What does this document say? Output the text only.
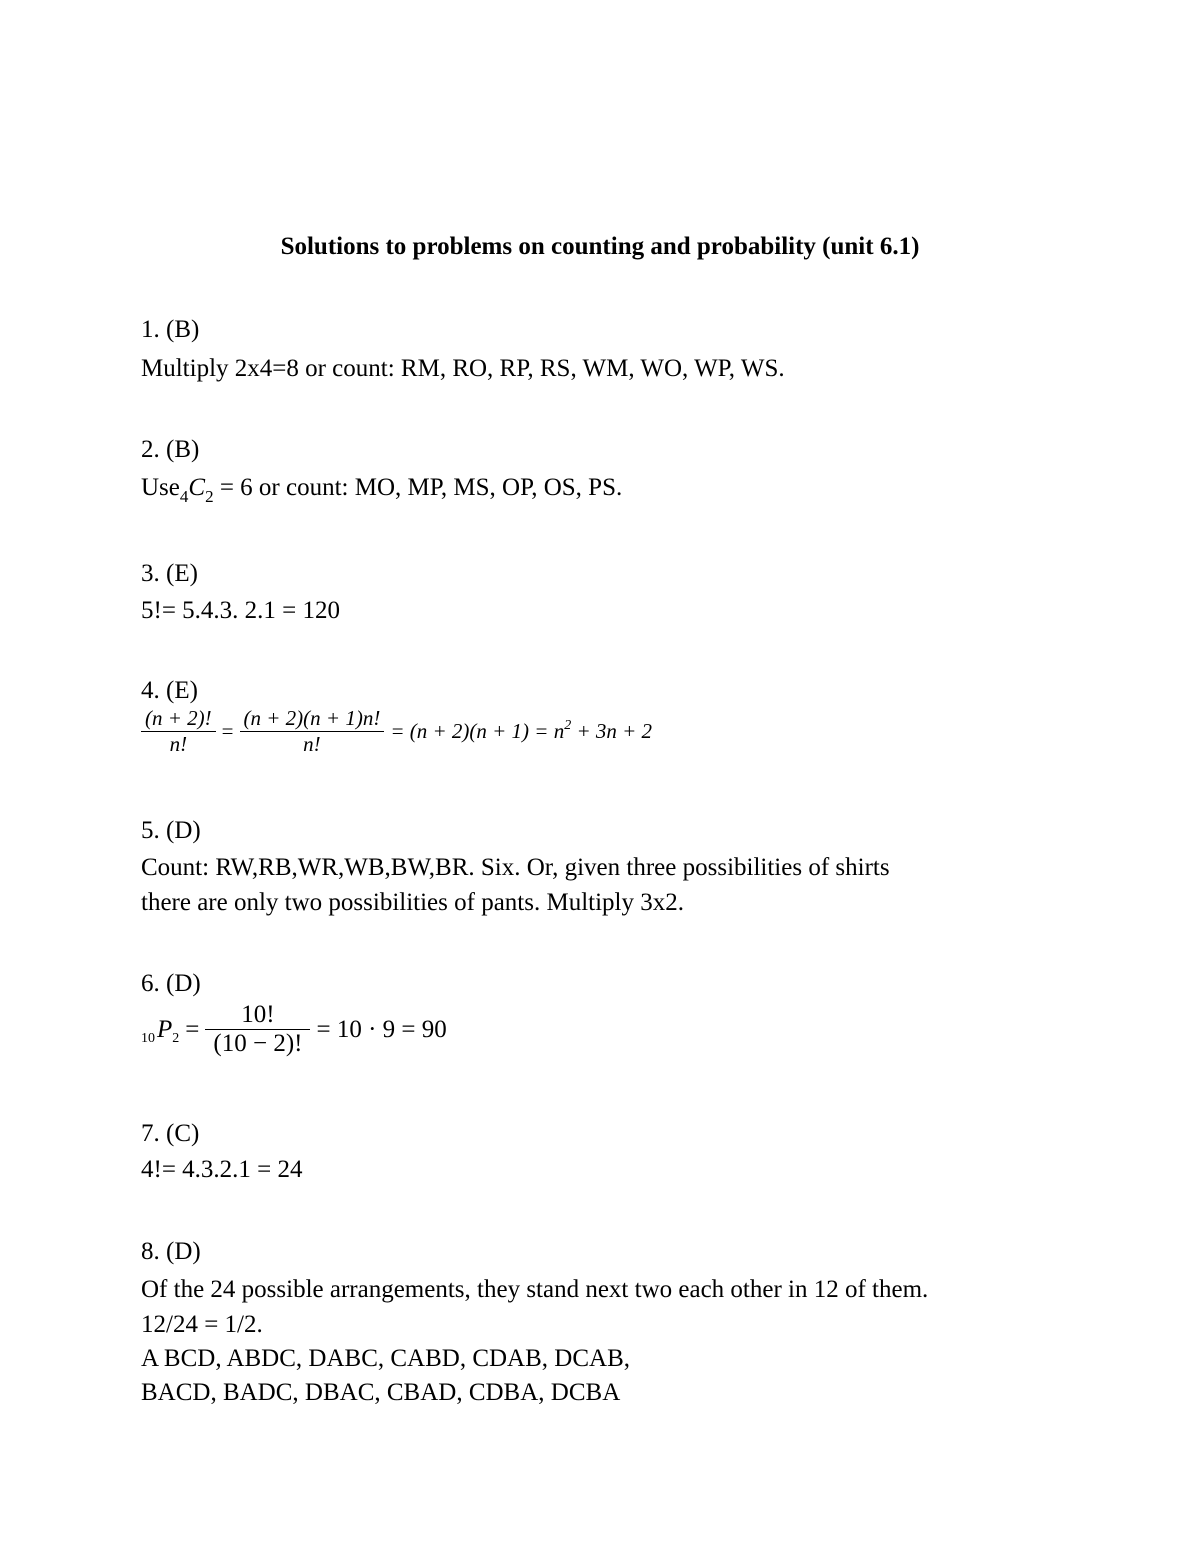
Solutions to problems on counting and probability (unit 6.1)
1. (B)
Multiply 2x4=8 or count: RM, RO, RP, RS, WM, WO, WP, WS.
2. (B)
$Use_4C_2 = 6$ or count: MO, MP, MS, OP, OS, PS.
3. (E)
5!= 5.4.3. 2.1 = 120
4. (E)
$\frac{(n + 2)!}{n!} = \frac{(n + 2)(n + 1)n!}{n!} = (n + 2)(n + 1) = n^2 + 3n + 2$
5. (D)
Count: RW,RB,WR,WB,BW,BR. Six. Or, given three possibilities of shirts
there are only two possibilities of pants. Multiply 3x2.
6. (D)
10 P $2 = \frac{10!}{(10 - 2)!} = 10 \cdot 9 = 90$
7. (C)
4!= 4.3.2.1 = 24
8. (D)
Of the 24 possible arrangements, they stand next two each other in 12 of them.
12/24 = 1/2.
A BCD, ABDC, DABC, CABD, CDAB, DCAB,
BACD, BADC, DBAC, CBAD, CDBA, DCBA
